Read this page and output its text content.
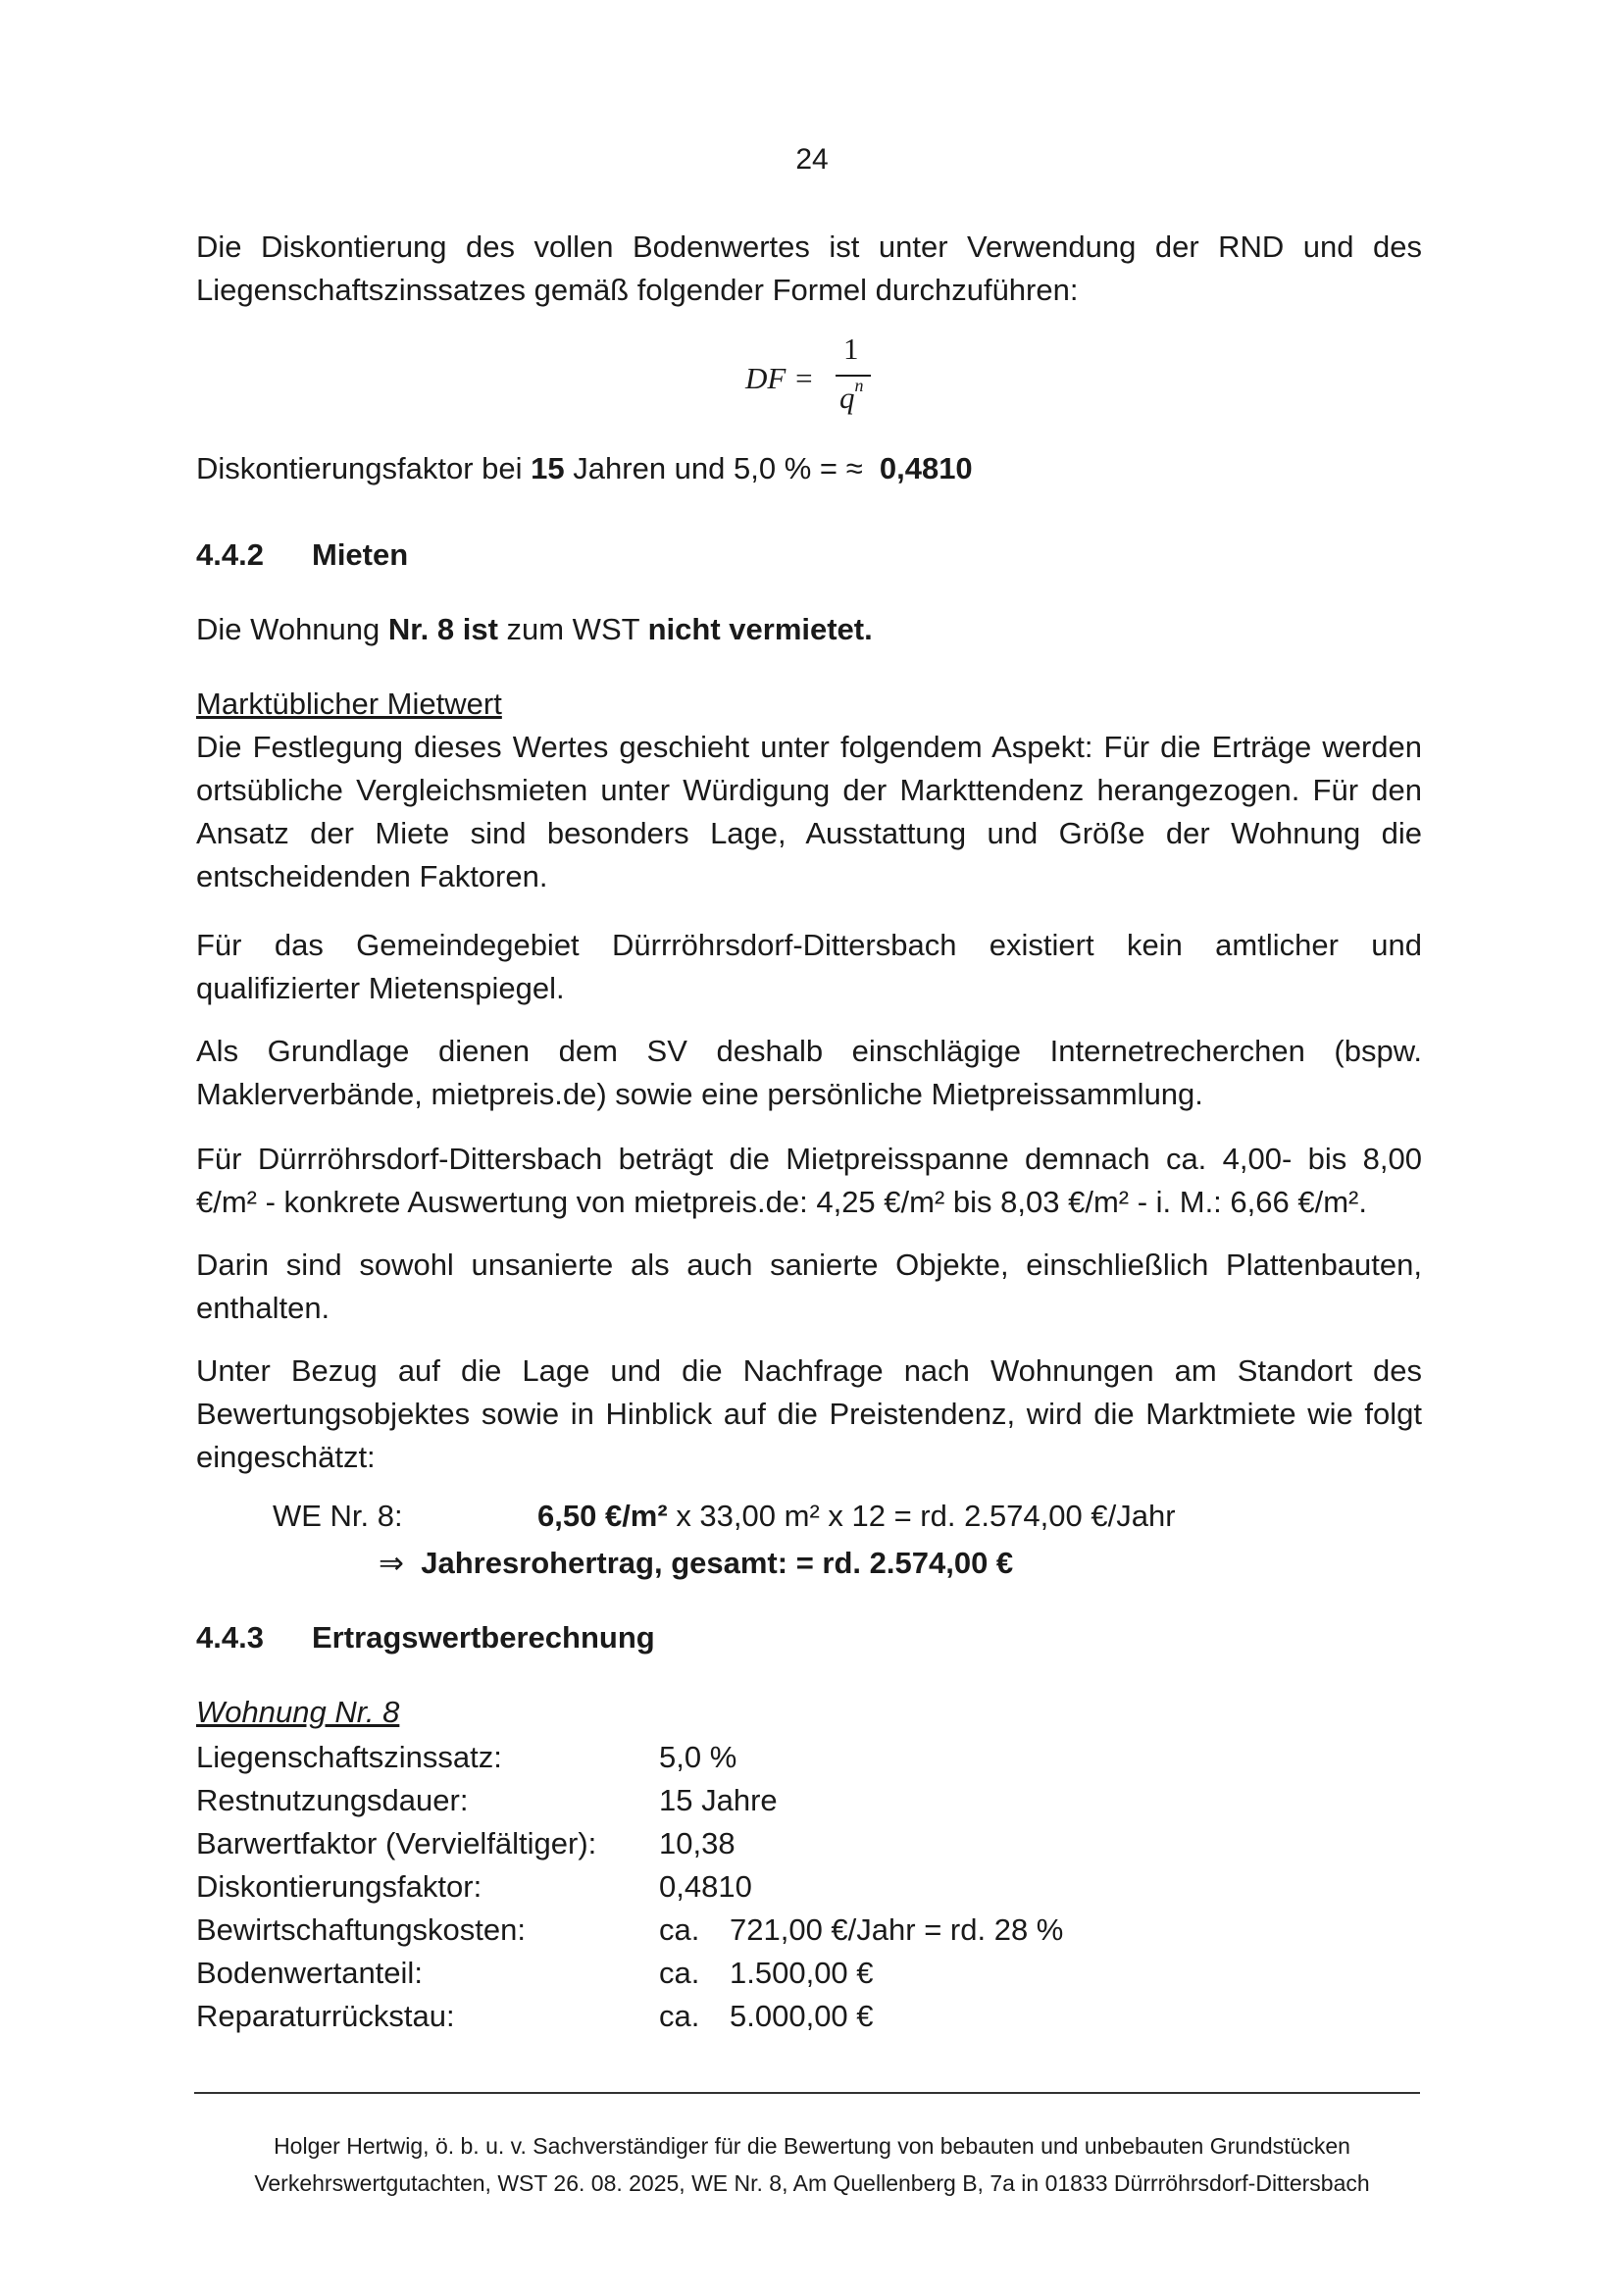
24
Die Diskontierung des vollen Bodenwertes ist unter Verwendung der RND und des Liegenschaftszinssatzes gemäß folgender Formel durchzuführen:
DF =
1
$q^n$
Diskontierungsfaktor bei 15 Jahren und 5,0 % = ≈ 0,4810
4.4.2 Mieten
Die Wohnung Nr. 8 ist zum WST nicht vermietet.
Marktüblicher Mietwert
Die Festlegung dieses Wertes geschieht unter folgendem Aspekt: Für die Erträge werden ortsübliche Vergleichsmieten unter Würdigung der Markttendenz herangezogen. Für den Ansatz der Miete sind besonders Lage, Ausstattung und Größe der Wohnung die entscheidenden Faktoren.
Für das Gemeindegebiet Dürrröhrsdorf-Dittersbach existiert kein amtlicher und qualifizierter Mietenspiegel.
Als Grundlage dienen dem SV deshalb einschlägige Internetrecherchen (bspw. Maklerverbände, mietpreis.de) sowie eine persönliche Mietpreissammlung.
Für Dürrröhrsdorf-Dittersbach beträgt die Mietpreisspanne demnach ca. 4,00- bis 8,00 €/m² - konkrete Auswertung von mietpreis.de: 4,25 €/m² bis 8,03 €/m² - i. M.: 6,66 €/m².
Darin sind sowohl unsanierte als auch sanierte Objekte, einschließlich Plattenbauten, enthalten.
Unter Bezug auf die Lage und die Nachfrage nach Wohnungen am Standort des Bewertungsobjektes sowie in Hinblick auf die Preistendenz, wird die Marktmiete wie folgt eingeschätzt:
WE Nr. 8:	6,50 €/m² x 33,00 m² x 12 = rd. 2.574,00 €/Jahr
⇒ Jahresrohertrag, gesamt: = rd. 2.574,00 €
4.4.3 Ertragswertberechnung
Wohnung Nr. 8
Liegenschaftszinssatz:	5,0 %
Restnutzungsdauer:	15 Jahre
Barwertfaktor (Vervielfältiger): 10,38
Diskontierungsfaktor:	0,4810
Bewirtschaftungskosten:	ca. 721,00 €/Jahr = rd. 28 %
Bodenwertanteil:	ca. 1.500,00 €
Reparaturrückstau:	ca. 5.000,00 €
Holger Hertwig, ö. b. u. v. Sachverständiger für die Bewertung von bebauten und unbebauten Grundstücken
Verkehrswertgutachten, WST 26. 08. 2025, WE Nr. 8, Am Quellenberg B, 7a in 01833 Dürrröhrsdorf-Dittersbach
